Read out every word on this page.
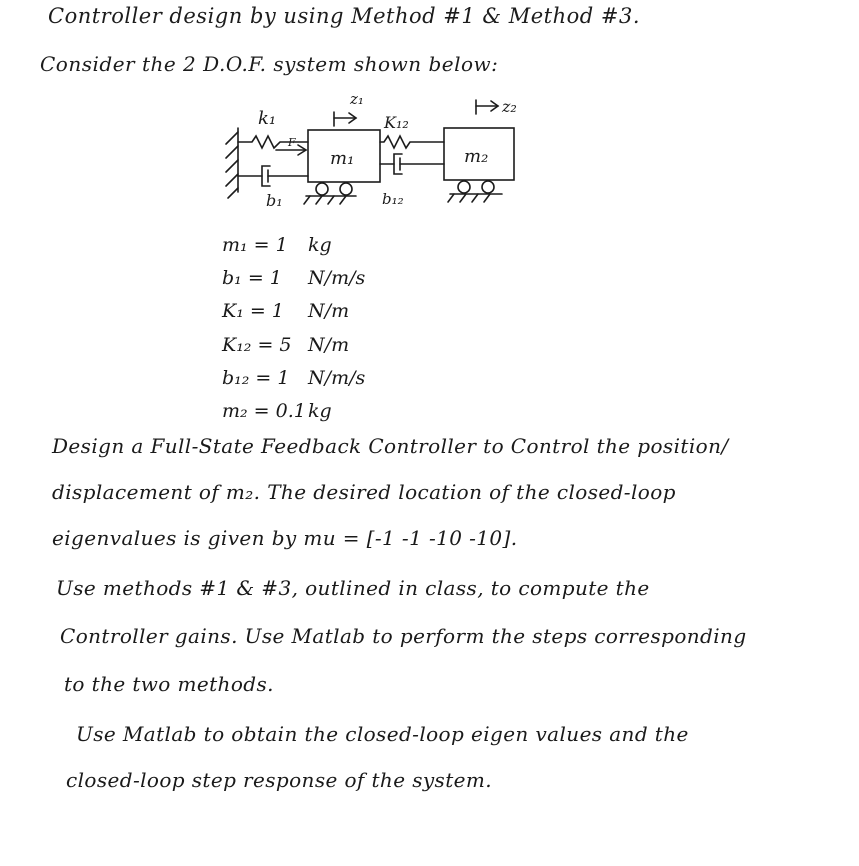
Controller design by using Method #1 & Method #3.
Consider the 2 D.O.F. system shown below:
z₁	z₂
k₁	K₁₂
m₁	m₂
b₁	b₁₂
F
m₁ = 1 kg
b₁ = 1 N/m/s
K₁ = 1 N/m
K₁₂ = 5 N/m
b₁₂ = 1 N/m/s
m₂ = 0.1 kg
Design a Full-State Feedback Controller to Control the position/
displacement of m₂. The desired location of the closed-loop
eigenvalues is given by mu = [-1 -1 -10 -10].
Use methods #1 & #3, outlined in class, to compute the
Controller gains. Use Matlab to perform the steps corresponding
to the two methods.
Use Matlab to obtain the closed-loop eigen values and the
closed-loop step response of the system.
